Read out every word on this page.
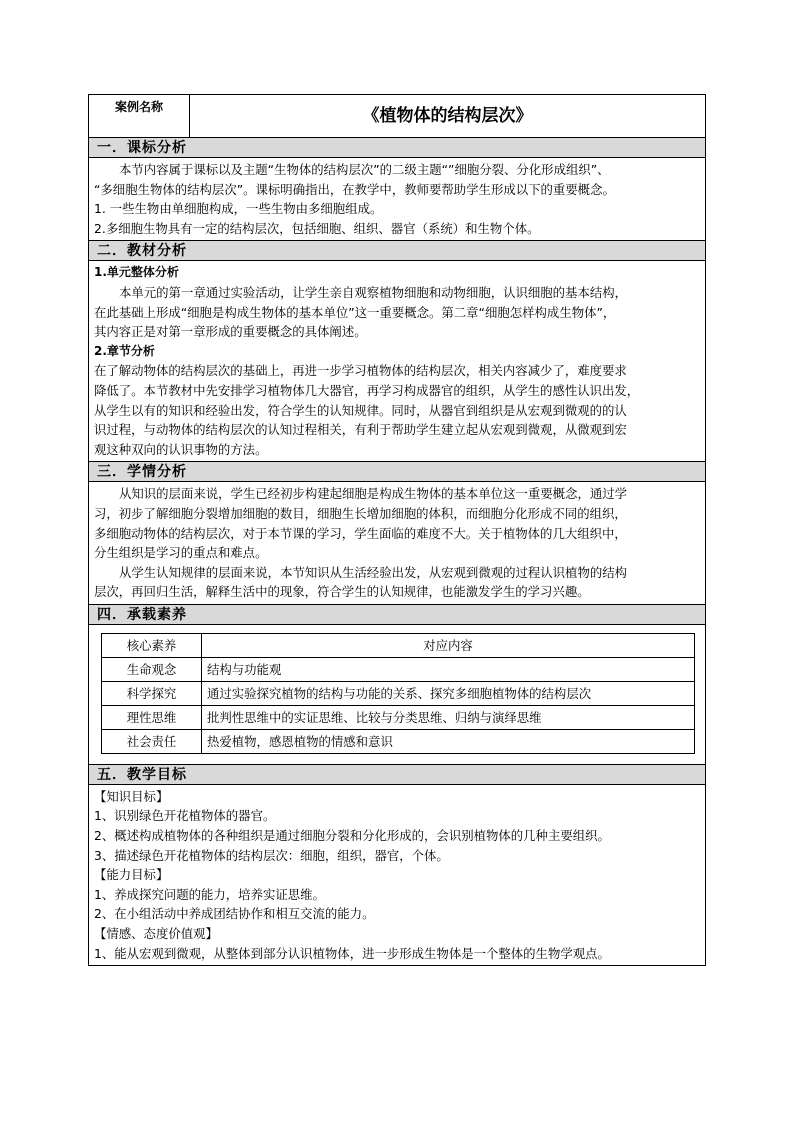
案例名称	《植物体的结构层次》
一．课标分析

本节内容属于课标以及主题“生物体的结构层次”的二级主题“”细胞分裂、分化形成组织”、

“多细胞生物体的结构层次”。课标明确指出，在教学中，教师要帮助学生形成以下的重要概念。

1. 一些生物由单细胞构成，一些生物由多细胞组成。

2.多细胞生物具有一定的结构层次，包括细胞、组织、器官（系统）和生物个体。

二．教材分析

1.单元整体分析

本单元的第一章通过实验活动，让学生亲自观察植物细胞和动物细胞，认识细胞的基本结构，

在此基础上形成“细胞是构成生物体的基本单位”这一重要概念。第二章“细胞怎样构成生物体”，

其内容正是对第一章形成的重要概念的具体阐述。

2.章节分析

在了解动物体的结构层次的基础上，再进一步学习植物体的结构层次，相关内容减少了，难度要求

降低了。本节教材中先安排学习植物体几大器官，再学习构成器官的组织，从学生的感性认识出发，

从学生以有的知识和经验出发，符合学生的认知规律。同时，从器官到组织是从宏观到微观的的认

识过程，与动物体的结构层次的认知过程相关，有利于帮助学生建立起从宏观到微观，从微观到宏

观这种双向的认识事物的方法。

三．学情分析

从知识的层面来说，学生已经初步构建起细胞是构成生物体的基本单位这一重要概念，通过学

习，初步了解细胞分裂增加细胞的数目，细胞生长增加细胞的体积，而细胞分化形成不同的组织，

多细胞动物体的结构层次，对于本节课的学习，学生面临的难度不大。关于植物体的几大组织中，

分生组织是学习的重点和难点。

从学生认知规律的层面来说，本节知识从生活经验出发，从宏观到微观的过程认识植物的结构

层次，再回归生活，解释生活中的现象，符合学生的认知规律，也能激发学生的学习兴趣。

四．承载素养
核心素养	对应内容
生命观念	结构与功能观
科学探究	通过实验探究植物的结构与功能的关系、探究多细胞植物体的结构层次
理性思维	批判性思维中的实证思维、比较与分类思维、归纳与演绎思维
社会责任	热爱植物，感恩植物的情感和意识
五．教学目标

【知识目标】

1、识别绿色开花植物体的器官。

2、概述构成植物体的各种组织是通过细胞分裂和分化形成的，会识别植物体的几种主要组织。

3、描述绿色开花植物体的结构层次：细胞，组织，器官，个体。

【能力目标】

1、养成探究问题的能力，培养实证思维。

2、在小组活动中养成团结协作和相互交流的能力。

【情感、态度价值观】

1、能从宏观到微观，从整体到部分认识植物体，进一步形成生物体是一个整体的生物学观点。
